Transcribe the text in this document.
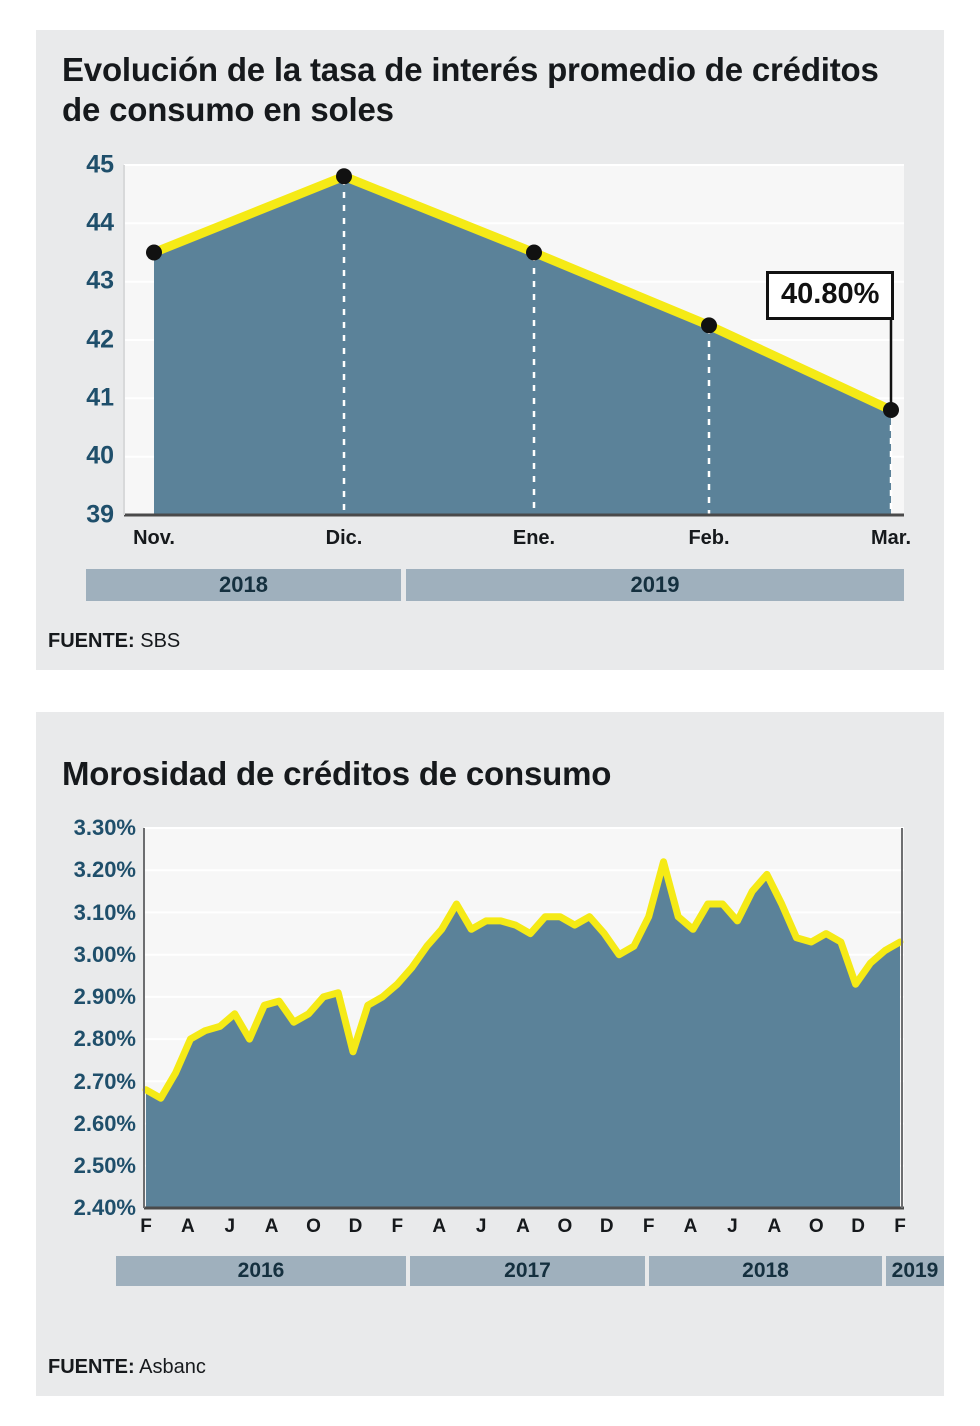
Evolución de la tasa de interés promedio de créditos de consumo en soles
39
40
41
42
43
44
45
Nov.	Dic.	Ene.	Feb.	Mar.
40.80%
2018	2019
FUENTE: SBS
Morosidad de créditos de consumo
2.40%
2.50%
2.60%
2.70%
2.80%
2.90%
3.00%
3.10%
3.20%
3.30%
F A J A O D F A J A O D F A J A O D F
2016	2017	2018	2019
FUENTE: Asbanc
